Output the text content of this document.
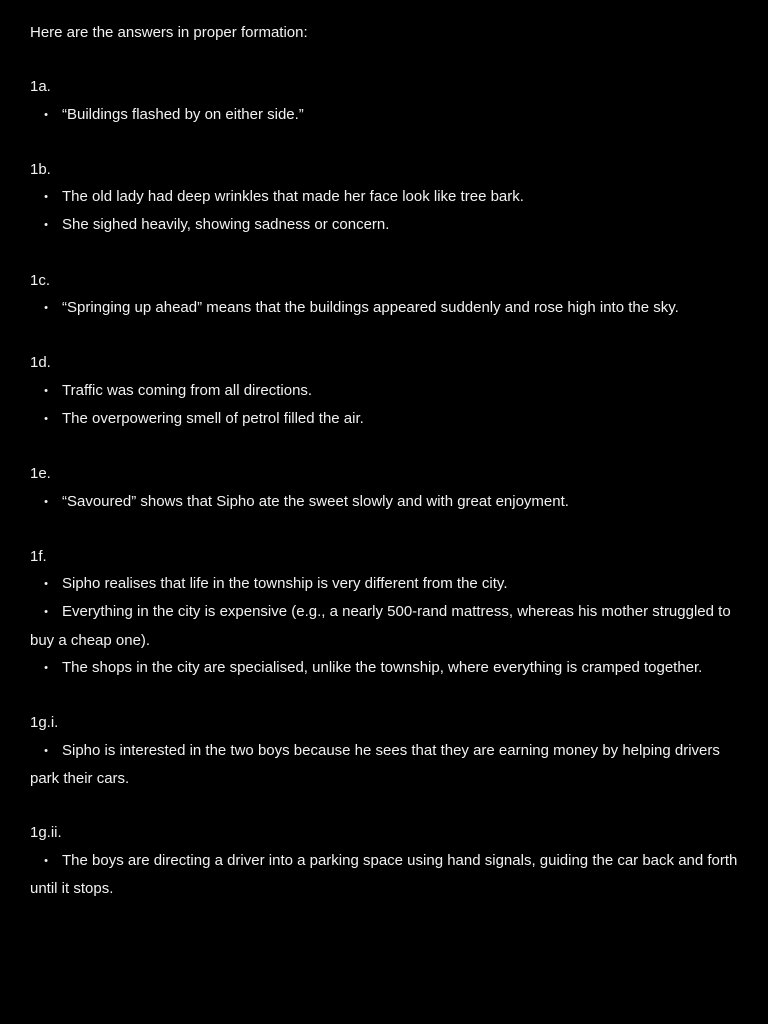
Here are the answers in proper formation:

1a.

• “Buildings flashed by on either side.”

1b.

• The old lady had deep wrinkles that made her face look like tree bark.
• She sighed heavily, showing sadness or concern.

1c.

• “Springing up ahead” means that the buildings appeared suddenly and rose high into the sky.

1d.

• Traffic was coming from all directions.
• The overpowering smell of petrol filled the air.

1e.

• “Savoured” shows that Sipho ate the sweet slowly and with great enjoyment.

1f.

• Sipho realises that life in the township is very different from the city.
• Everything in the city is expensive (e.g., a nearly 500-rand mattress, whereas his mother struggled to buy a cheap one).
• The shops in the city are specialised, unlike the township, where everything is cramped together.

1g.i.

• Sipho is interested in the two boys because he sees that they are earning money by helping drivers park their cars.

1g.ii.

• The boys are directing a driver into a parking space using hand signals, guiding the car back and forth until it stops.
